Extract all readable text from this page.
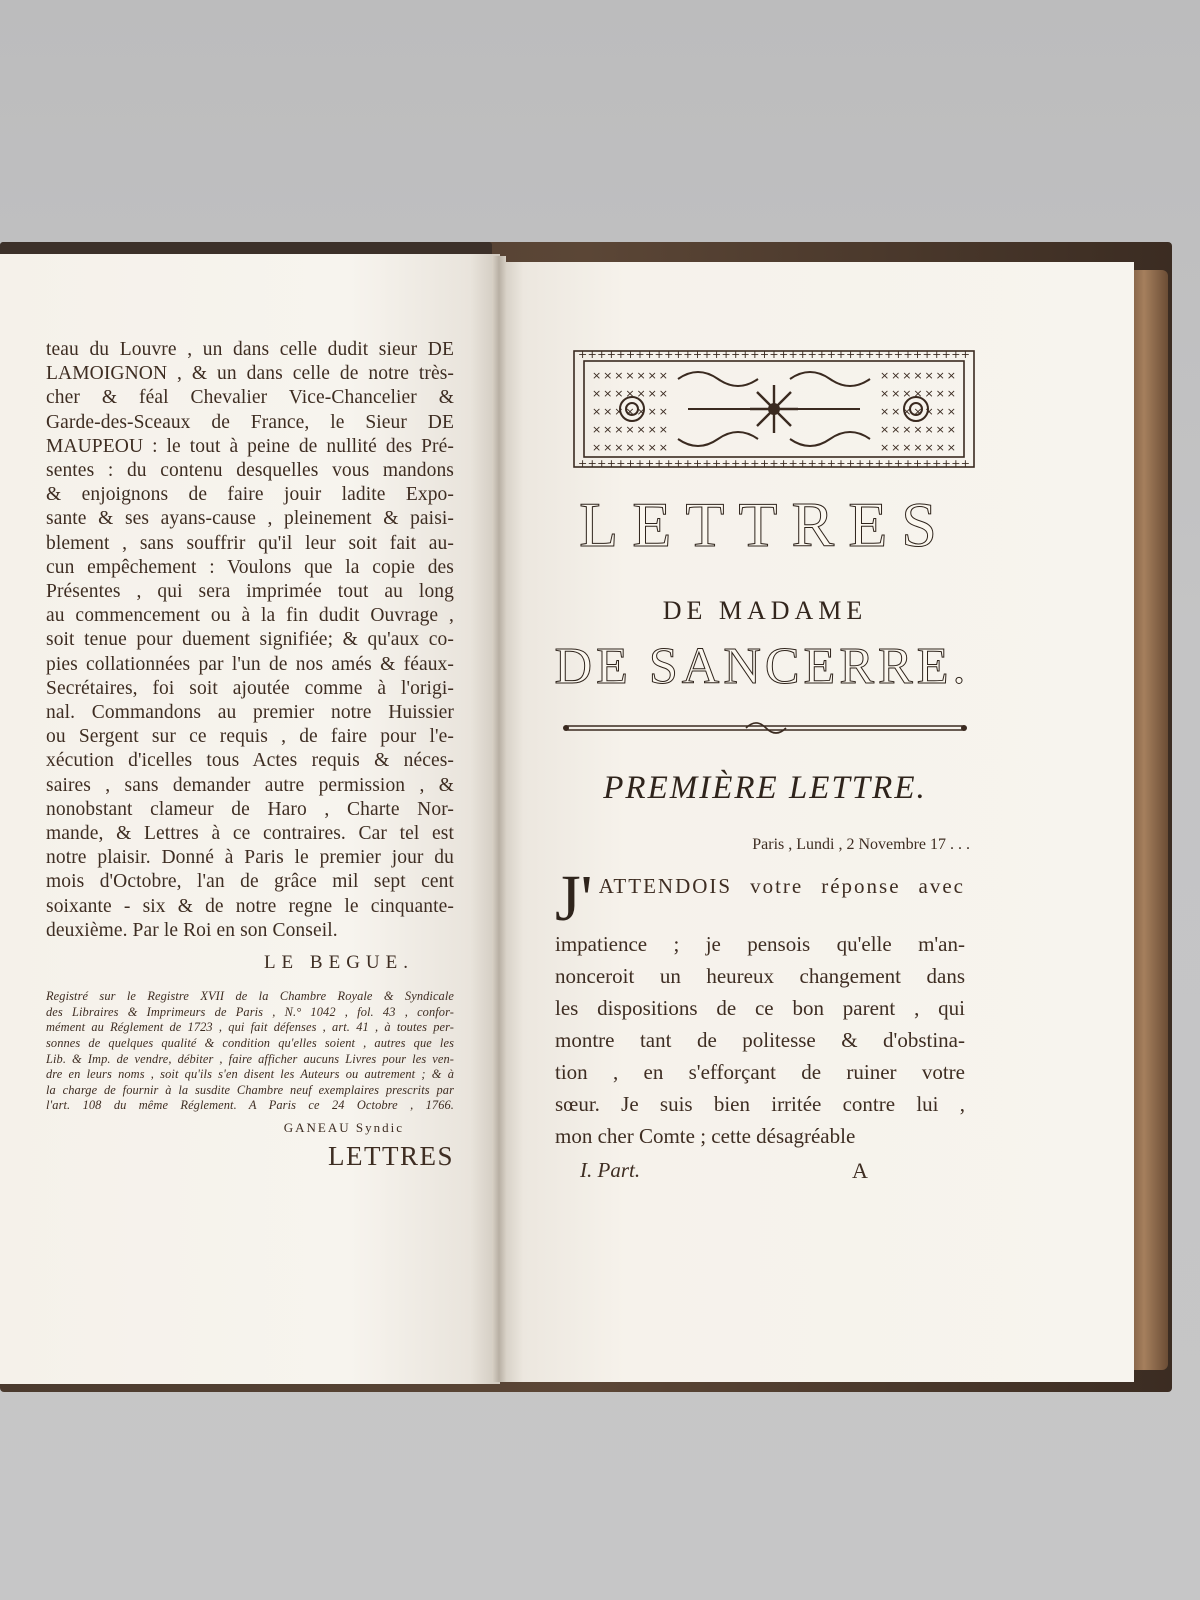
teau du Louvre , un dans celle dudit sieur DE
LAMOIGNON , & un dans celle de notre très-
cher & féal Chevalier Vice-Chancelier &
Garde-des-Sceaux de France, le Sieur DE
MAUPEOU : le tout à peine de nullité des Pré-
sentes : du contenu desquelles vous mandons
& enjoignons de faire jouir ladite Expo-
sante & ses ayans-cause , pleinement & paisi-
blement , sans souffrir qu'il leur soit fait au-
cun empêchement : Voulons que la copie des
Présentes , qui sera imprimée tout au long
au commencement ou à la fin dudit Ouvrage ,
soit tenue pour duement signifiée; & qu'aux co-
pies collationnées par l'un de nos amés & féaux-
Secrétaires, foi soit ajoutée comme à l'origi-
nal. Commandons au premier notre Huissier
ou Sergent sur ce requis , de faire pour l'e-
xécution d'icelles tous Actes requis & néces-
saires , sans demander autre permission , &
nonobstant clameur de Haro , Charte Nor-
mande, & Lettres à ce contraires. Car tel est
notre plaisir. Donné à Paris le premier jour du
mois d'Octobre, l'an de grâce mil sept cent
soixante - six & de notre regne le cinquante-
deuxième. Par le Roi en son Conseil.
LE BEGUE.
Registré sur le Registre XVII de la Chambre Royale & Syndicale
des Libraires & Imprimeurs de Paris , N.° 1042 , fol. 43 , confor-
mément au Réglement de 1723 , qui fait défenses , art. 41 , à toutes per-
sonnes de quelques qualité & condition qu'elles soient , autres que les
Lib. & Imp. de vendre, débiter , faire afficher aucuns Livres pour les ven-
dre en leurs noms , soit qu'ils s'en disent les Auteurs ou autrement ; & à
la charge de fournir à la susdite Chambre neuf exemplaires prescrits par
l'art. 108 du même Réglement. A Paris ce 24 Octobre , 1766.
GANEAU Syndic
LETTRES
+ + + + + + + + + + + + + + + + + + + + + + + + + + + + + + + + + + + + + + + + +
+ + + + + + + + + + + + + + + + + + + + + + + + + + + + + + + + + + + + + + + + +
× × × × × × ×
× × × × × × ×
× × × × × × ×
× × × × × × ×
× × × × × × ×
× × × × × × ×
× × × × × × ×
× × × × × × ×
× × × × × × ×
× × × × × × ×
LETTRES
DE MADAME
DE SANCERRE.
PREMIÈRE LETTRE.
Paris , Lundi , 2 Novembre 17 . . .
J' ATTENDOIS votre réponse avec
impatience ; je pensois qu'elle m'an-
nonceroit un heureux changement dans
les dispositions de ce bon parent , qui
montre tant de politesse & d'obstina-
tion , en s'efforçant de ruiner votre
sœur. Je suis bien irritée contre lui ,
mon cher Comte ; cette désagréable
I. Part.	A
